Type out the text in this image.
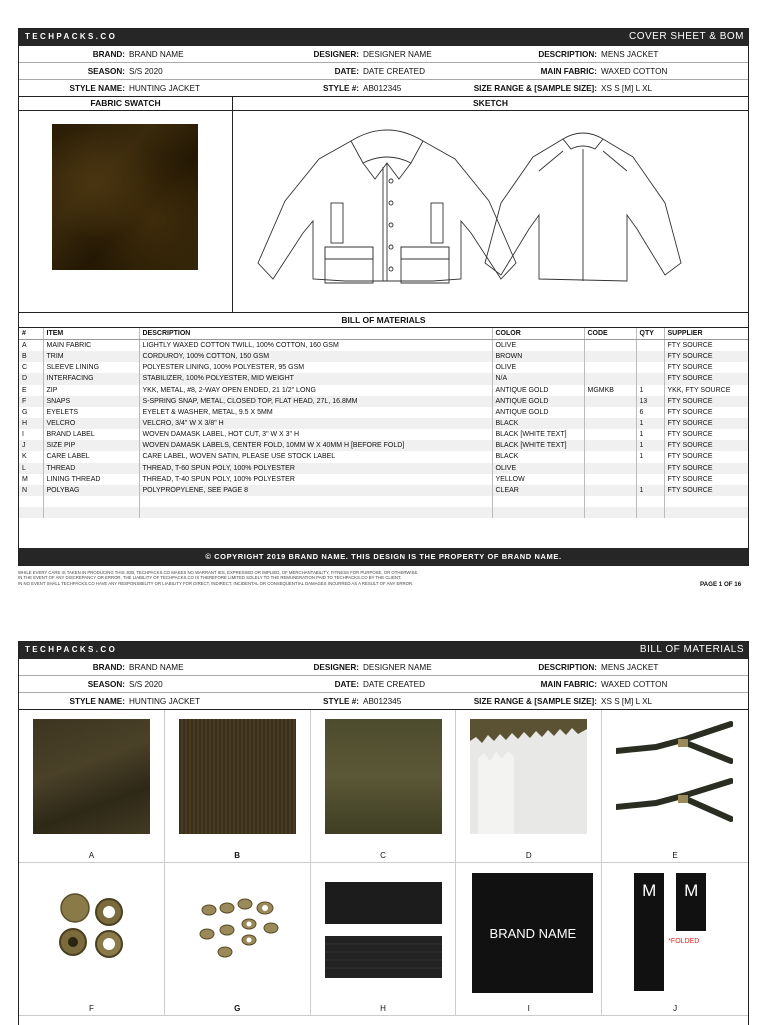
TECHPACKS.CO	COVER SHEET & BOM
BRAND: BRAND NAME	DESIGNER: DESIGNER NAME	DESCRIPTION: MENS JACKET
SEASON: S/S 2020	DATE: DATE CREATED	MAIN FABRIC: WAXED COTTON
STYLE NAME: HUNTING JACKET	STYLE #: AB012345	SIZE RANGE & [SAMPLE SIZE]: XS S [M] L XL
FABRIC SWATCH	SKETCH
BILL OF MATERIALS
#	ITEM	DESCRIPTION	COLOR	CODE	QTY	SUPPLIER
A	MAIN FABRIC	LIGHTLY WAXED COTTON TWILL, 100% COTTON, 160 GSM	OLIVE			FTY SOURCE
B	TRIM	CORDUROY, 100% COTTON, 150 GSM	BROWN			FTY SOURCE
C	SLEEVE LINING	POLYESTER LINING, 100% POLYESTER, 95 GSM	OLIVE			FTY SOURCE
D	INTERFACING	STABILIZER, 100% POLYESTER, MID WEIGHT	N/A			FTY SOURCE
E	ZIP	YKK, METAL, #8, 2-WAY OPEN ENDED, 21 1/2" LONG	ANTIQUE GOLD	MGMKB	1	YKK, FTY SOURCE
F	SNAPS	S-SPRING SNAP, METAL, CLOSED TOP, FLAT HEAD, 27L, 16.8MM	ANTIQUE GOLD		13	FTY SOURCE
G	EYELETS	EYELET & WASHER, METAL, 9.5 X 5MM	ANTIQUE GOLD		6	FTY SOURCE
H	VELCRO	VELCRO, 3/4" W X 3/8" H	BLACK		1	FTY SOURCE
I	BRAND LABEL	WOVEN DAMASK LABEL, HOT CUT, 3" W X 3" H	BLACK [WHITE TEXT]		1	FTY SOURCE
J	SIZE PIP	WOVEN DAMASK LABELS, CENTER FOLD, 10MM W X 40MM H [BEFORE FOLD]	BLACK [WHITE TEXT]		1	FTY SOURCE
K	CARE LABEL	CARE LABEL, WOVEN SATIN, PLEASE USE STOCK LABEL	BLACK		1	FTY SOURCE
L	THREAD	THREAD, T-60 SPUN POLY, 100% POLYESTER	OLIVE			FTY SOURCE
M	LINING THREAD	THREAD, T-40 SPUN POLY, 100% POLYESTER	YELLOW			FTY SOURCE
N	POLYBAG	POLYPROPYLENE, SEE PAGE 8	CLEAR		1	FTY SOURCE

© COPYRIGHT 2019 BRAND NAME. THIS DESIGN IS THE PROPERTY OF BRAND NAME.
WHILE EVERY CARE IS TAKEN IN PRODUCING THIS JOB, TECHPACKS.CO MAKES NO WARRANT IES, EXPRESSED OR IMPLIED, OF MERCHANTABILITY, FITNESS FOR PURPOSE, OR OTHERWISE.
IN THE EVENT OF ANY DISCREPANCY OR ERROR, THE LIABILITY OF TECHPACKS.CO IS THEREFORE LIMITED SOLELY TO THE REMUNERATION PAID TO TECHPACKS.CO BY THE CLIENT.
IN NO EVENT SHALL TECHPACKS.CO HAVE ANY RESPONSIBILITY OR LIABILITY FOR DIRECT, INDIRECT, INCIDENTAL OR CONSEQUENTIAL DAMAGES INCURRED AS A RESULT OF ANY ERROR.	PAGE 1 OF 16
TECHPACKS.CO	BILL OF MATERIALS
BRAND: BRAND NAME	DESIGNER: DESIGNER NAME	DESCRIPTION: MENS JACKET
SEASON: S/S 2020	DATE: DATE CREATED	MAIN FABRIC: WAXED COTTON
STYLE NAME: HUNTING JACKET	STYLE #: AB012345	SIZE RANGE & [SAMPLE SIZE]: XS S [M] L XL
A	B	C	D	E
F	G	H
BRAND NAME
I
M	M
*FOLDED
J
